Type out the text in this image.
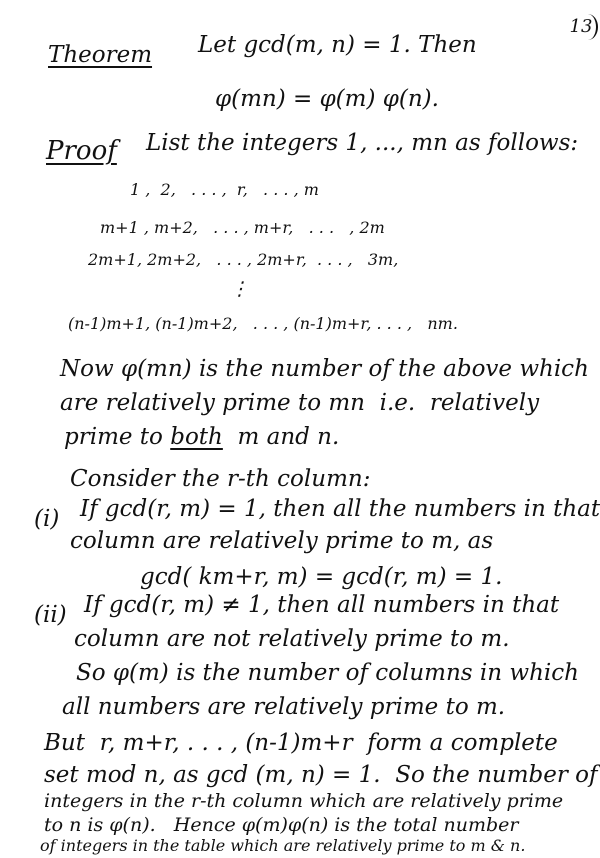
13
Theorem Let gcd(m, n) = 1. Then
φ(mn) = φ(m) φ(n).
Proof List the integers 1, ..., mn as follows:
1 ,  2,   . . . ,  r,   . . . , m
m+1 , m+2,   . . . , m+r,   . . .   , 2m
2m+1, 2m+2,   . . . , 2m+r,  . . . ,   3m,
⋮
(n-1)m+1, (n-1)m+2,   . . . , (n-1)m+r, . . . ,   nm.
Now φ(mn) is the number of the above which
are relatively prime to mn  i.e.  relatively
prime to both  m and n.
Consider the r-th column:
(i) If gcd(r, m) = 1, then all the numbers in that
column are relatively prime to m, as
gcd( km+r, m) = gcd(r, m) = 1.
(ii) If gcd(r, m) ≠ 1, then all numbers in that
column are not relatively prime to m.
So φ(m) is the number of columns in which
all numbers are relatively prime to m.
But  r, m+r, . . . , (n-1)m+r  form a complete
set mod n, as gcd (m, n) = 1.  So the number of
integers in the r-th column which are relatively prime
to n is φ(n).   Hence φ(m)φ(n) is the total number
of integers in the table which are relatively prime to m & n.
